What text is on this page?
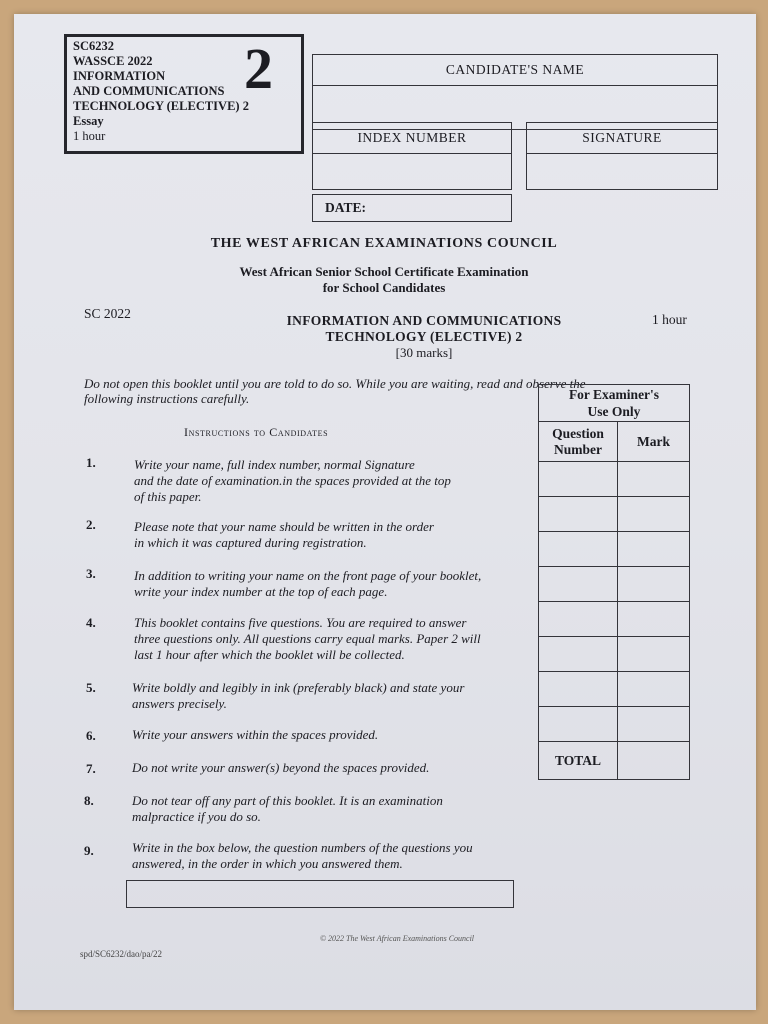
SC6232
WASSCE 2022
INFORMATION
AND COMMUNICATIONS
TECHNOLOGY (ELECTIVE) 2
Essay
1 hour
2	CANDIDATE'S NAME
INDEX NUMBER	SIGNATURE
DATE:
THE WEST AFRICAN EXAMINATIONS COUNCIL
West African Senior School Certificate Examination
for School Candidates
SC 2022	INFORMATION AND COMMUNICATIONS
TECHNOLOGY (ELECTIVE) 2
[30 marks]
1 hour
Do not open this booklet until you are told to do so. While you are waiting, read and observe the
following instructions carefully.
Instructions to Candidates
1.	Write your name, full index number, normal Signature
and the date of examination.in the spaces provided at the top
of this paper.
2.	Please note that your name should be written in the order
in which it was captured during registration.
3.	In addition to writing your name on the front page of your booklet,
write your index number at the top of each page.
4.	This booklet contains five questions. You are required to answer
three questions only. All questions carry equal marks. Paper 2 will
last 1 hour after which the booklet will be collected.
5.	Write boldly and legibly in ink (preferably black) and state your
answers precisely.
6.	Write your answers within the spaces provided.
7.	Do not write your answer(s) beyond the spaces provided.
8.	Do not tear off any part of this booklet. It is an examination
malpractice if you do so.
9.	Write in the box below, the question numbers of the questions you
answered, in the order in which you answered them.
For Examiner's
Use Only	

Question
Number	Mark

TOTAL	
© 2022 The West African Examinations Council
spd/SC6232/dao/pa/22
